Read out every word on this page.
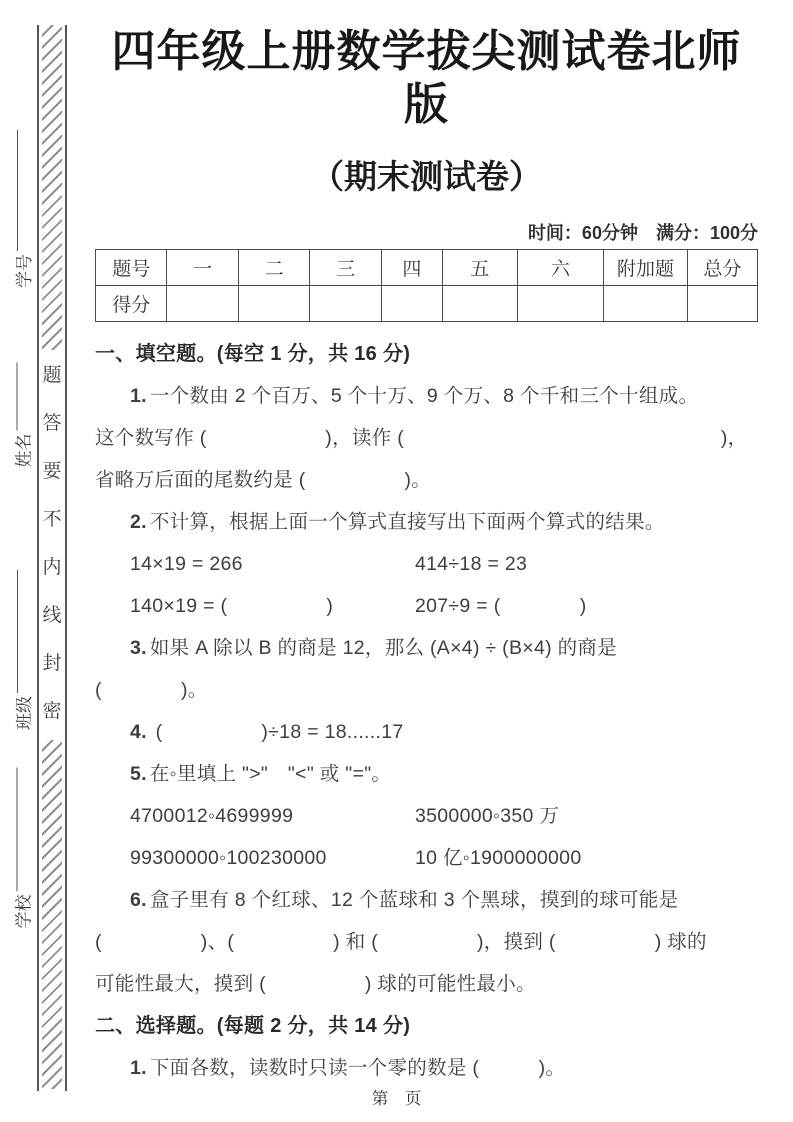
学号
姓名
班级
学校
题答要不内线封密
四年级上册数学拔尖测试卷北师版
（期末测试卷）
时间：60分钟　满分：100分
题号	一	二	三	四	五	六	附加题	总分
得分								
一、填空题。(每空 1 分，共 16 分)
1. 一个数由 2 个百万、5 个十万、9 个万、8 个千和三个十组成。
这个数写作 (　　　　　　)，读作 (　　　　　　　　　　　　　　　　)，
省略万后面的尾数约是 (　　　　　)。
2. 不计算，根据上面一个算式直接写出下面两个算式的结果。
14×19 = 266	414÷18 = 23
140×19 = (　　　　　)	207÷9 = (　　　　)
3. 如果 A 除以 B 的商是 12，那么 (A×4) ÷ (B×4) 的商是
(　　　　)。
4. (　　　　　)÷18 = 18......17
5. 在◦里填上 ">"　"<" 或 "="。
4700012◦4699999	3500000◦350 万
99300000◦100230000	10 亿◦1900000000
6. 盒子里有 8 个红球、12 个蓝球和 3 个黑球，摸到的球可能是
(　　　　　)、(　　　　　) 和 (　　　　　)，摸到 (　　　　　) 球的
可能性最大，摸到 (　　　　　) 球的可能性最小。
二、选择题。(每题 2 分，共 14 分)
1. 下面各数，读数时只读一个零的数是 (　　　)。
第　页
